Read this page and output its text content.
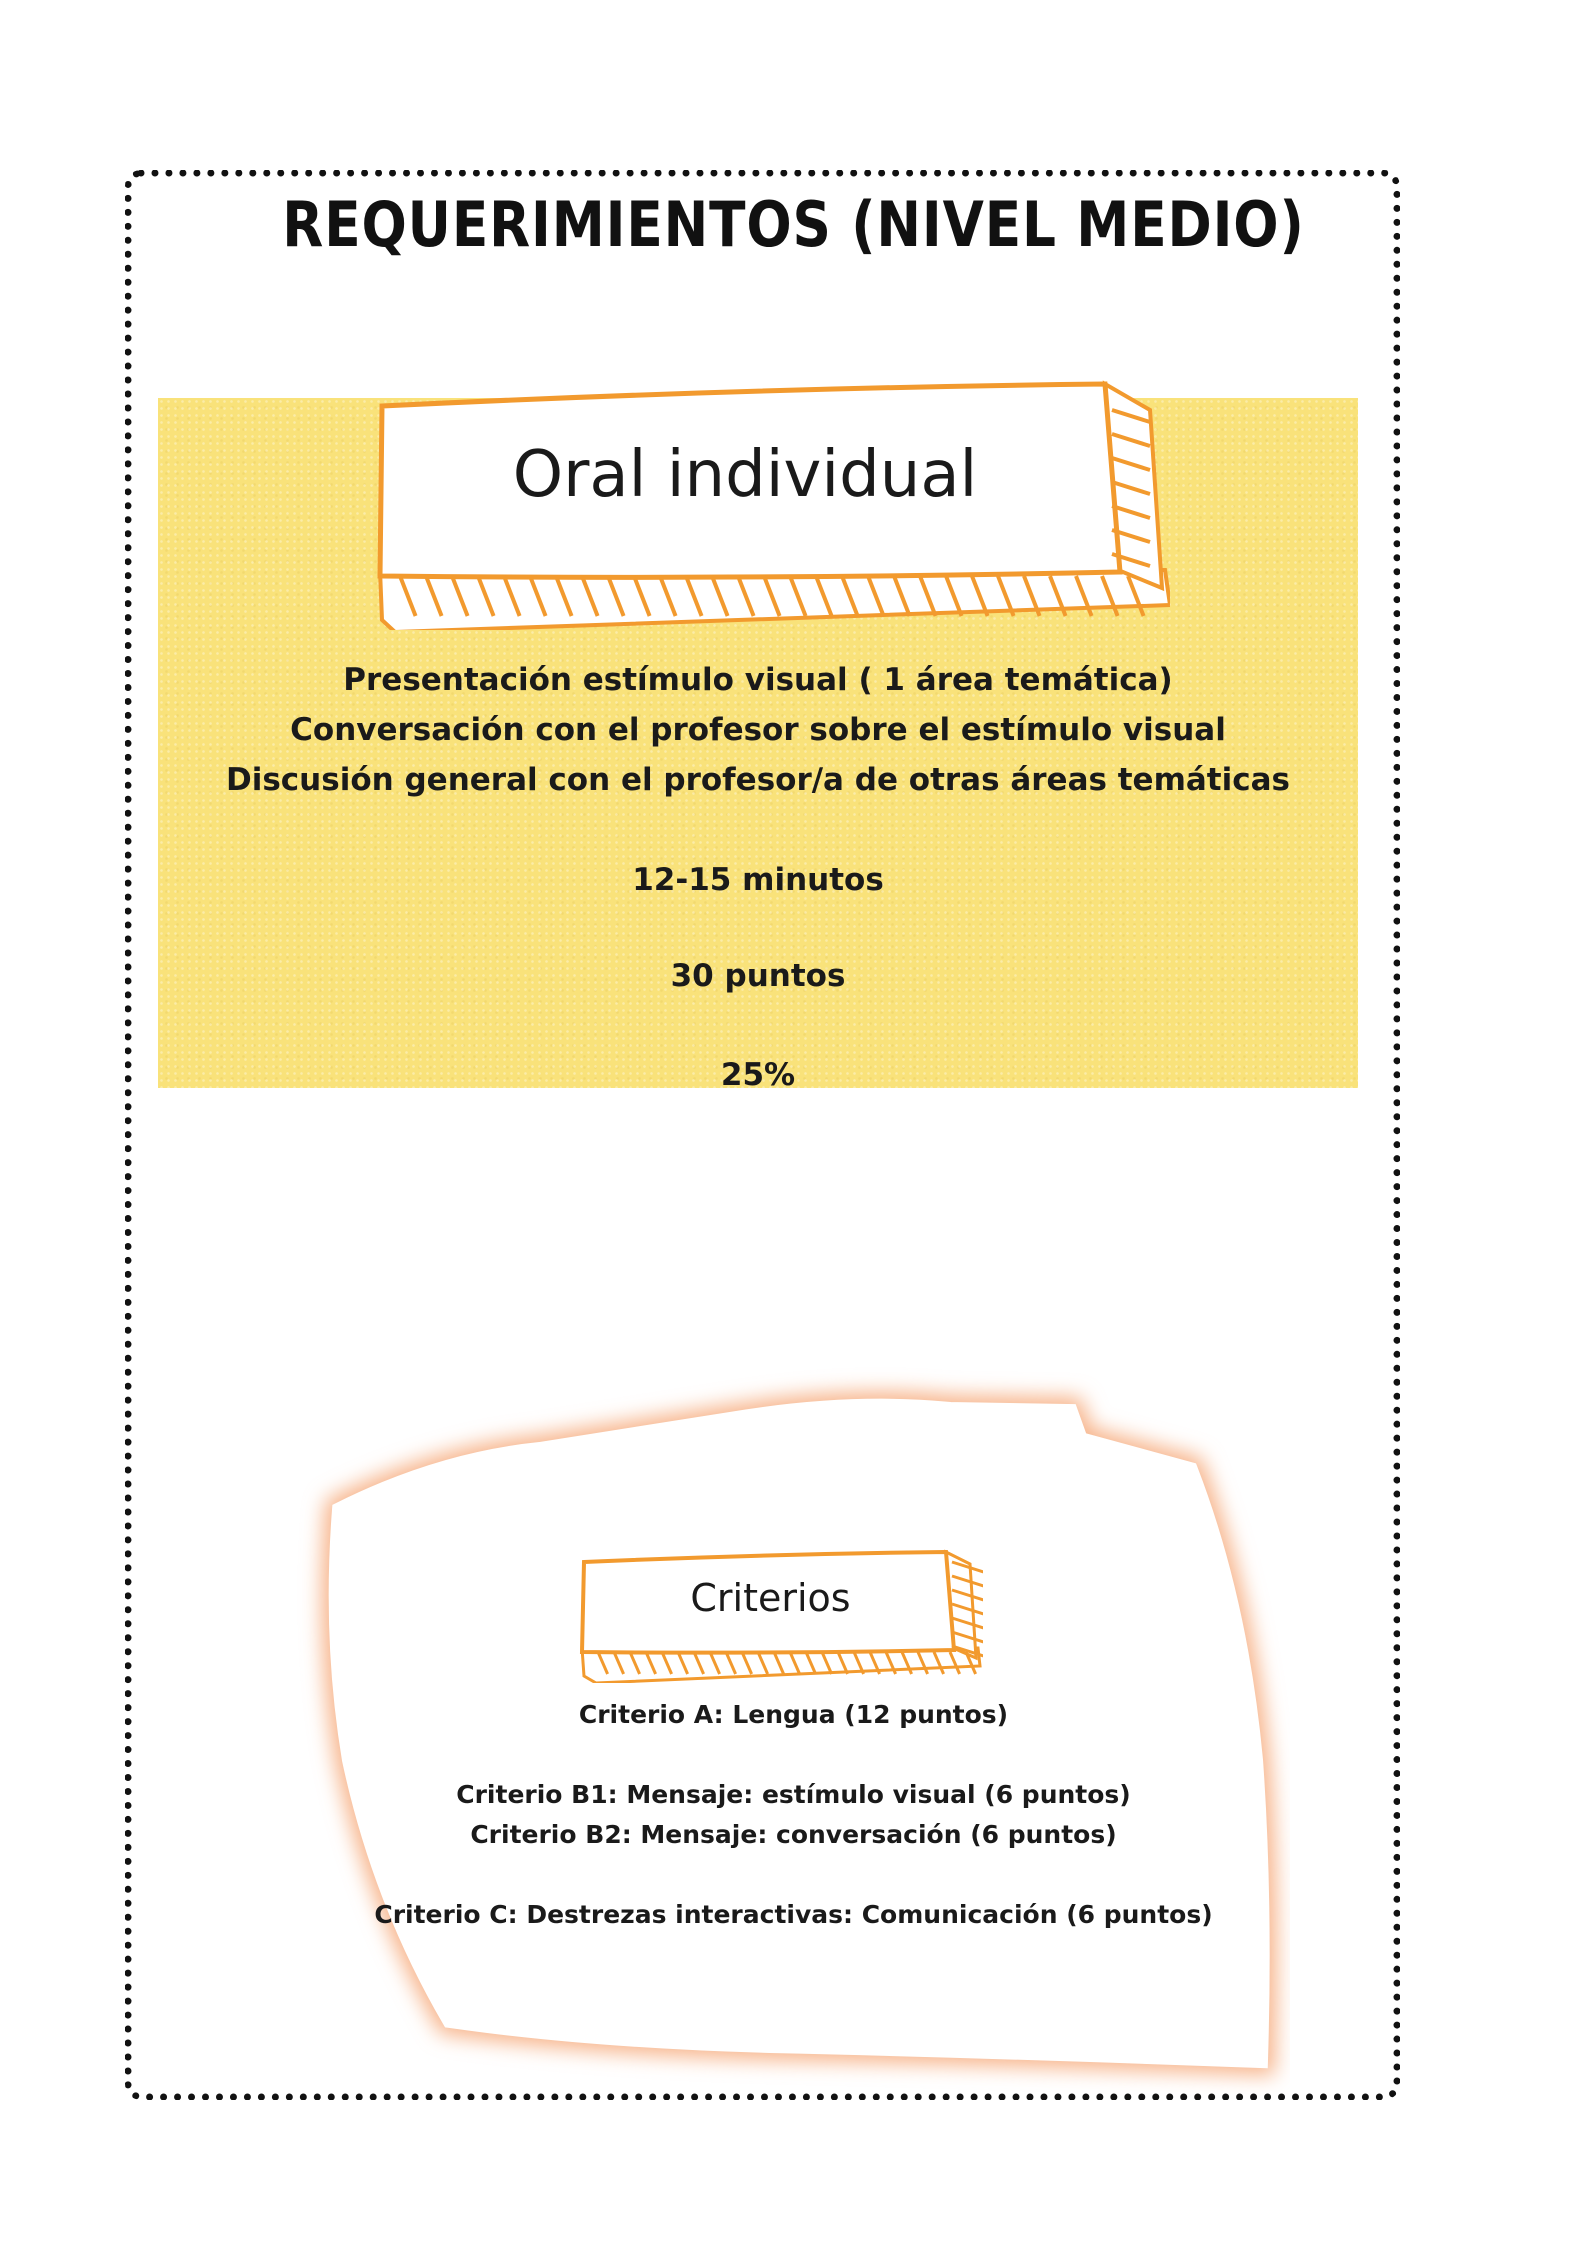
REQUERIMIENTOS (NIVEL MEDIO)
Oral individual
Presentación estímulo visual ( 1 área temática)
Conversación con el profesor sobre el estímulo visual
Discusión general con el profesor/a de otras áreas temáticas
12-15 minutos
30 puntos
25%
Criterios
Criterio A: Lengua (12 puntos)
Criterio B1: Mensaje: estímulo visual (6 puntos)
Criterio B2: Mensaje: conversación (6 puntos)
Criterio C: Destrezas interactivas: Comunicación (6 puntos)
